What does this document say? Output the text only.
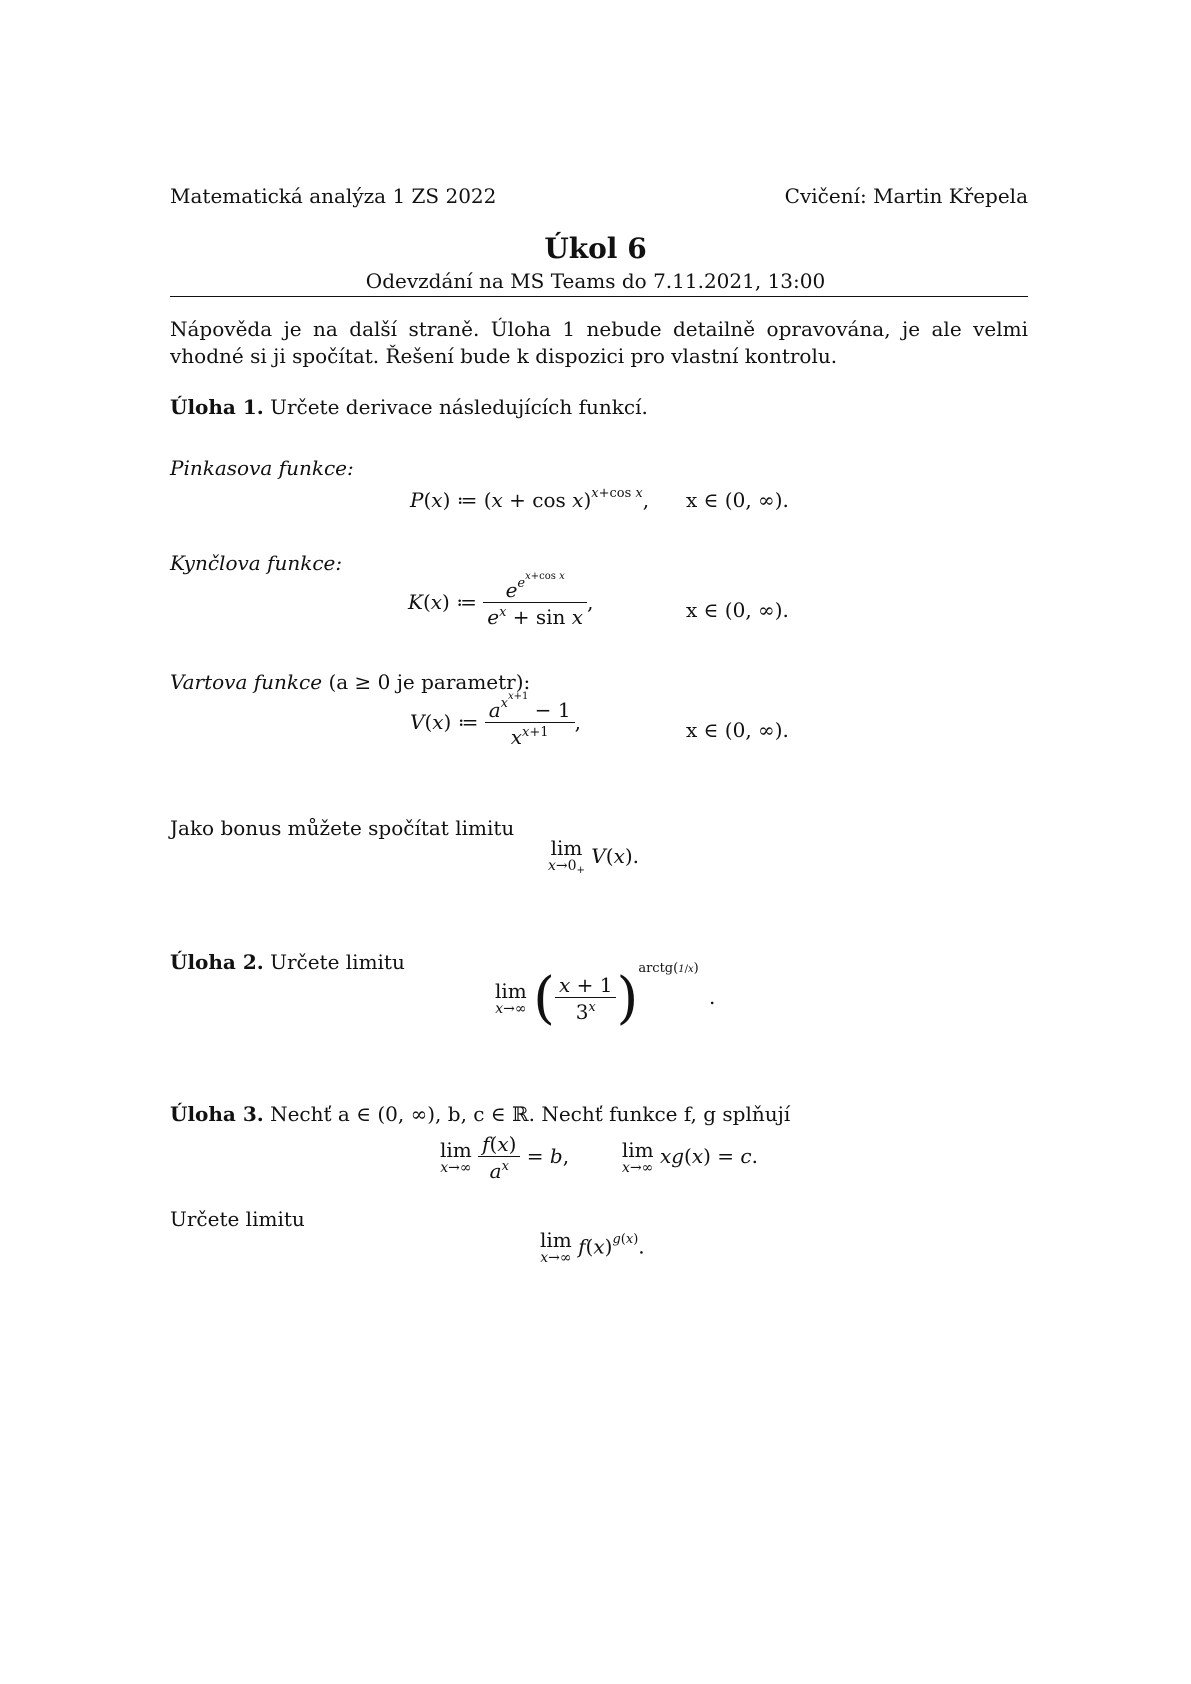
Matematická analýza 1 ZS 2022	Cvičení: Martin Křepela
Úkol 6
Odevzdání na MS Teams do 7.11.2021, 13:00
Nápověda je na další straně. Úloha 1 nebude detailně opravována, je ale velmi vhodné si ji spočítat. Řešení bude k dispozici pro vlastní kontrolu.
Úloha 1. Určete derivace následujících funkcí.
Pinkasova funkce:
P(x) ≔ $(x + \cos x)^{x+cos x}$, x ∈ (0, ∞).
Kynčlova funkce:
K(x) ≔ $\frac{e^{e^{x+cos x}}}{e^x + \sin x}$ ,	x ∈ (0, ∞).
Vartova funkce (a ≥ 0 je parametr):
V(x) ≔ $\frac{a^{x^{x+1}} - 1}{x^{x+1}}$ ,	x ∈ (0, ∞).
Jako bonus můžete spočítat limitu
lim
$x\to 0_+$
V(x).
Úloha 2. Určete limitu
lim
x→∞ ( $\frac{x + 1}{3^x} )^{arctg(1/x)}$ .
Úloha 3. Nechť a ∈ (0, ∞), b, c ∈ ℝ. Nechť funkce f, g splňují
lim
x→∞
$\frac{f(x)}{a^x} = b$,  lim
x→∞ xg(x) = c.
Určete limitu
lim
x→∞ $f(x)^{g(x)}$.
